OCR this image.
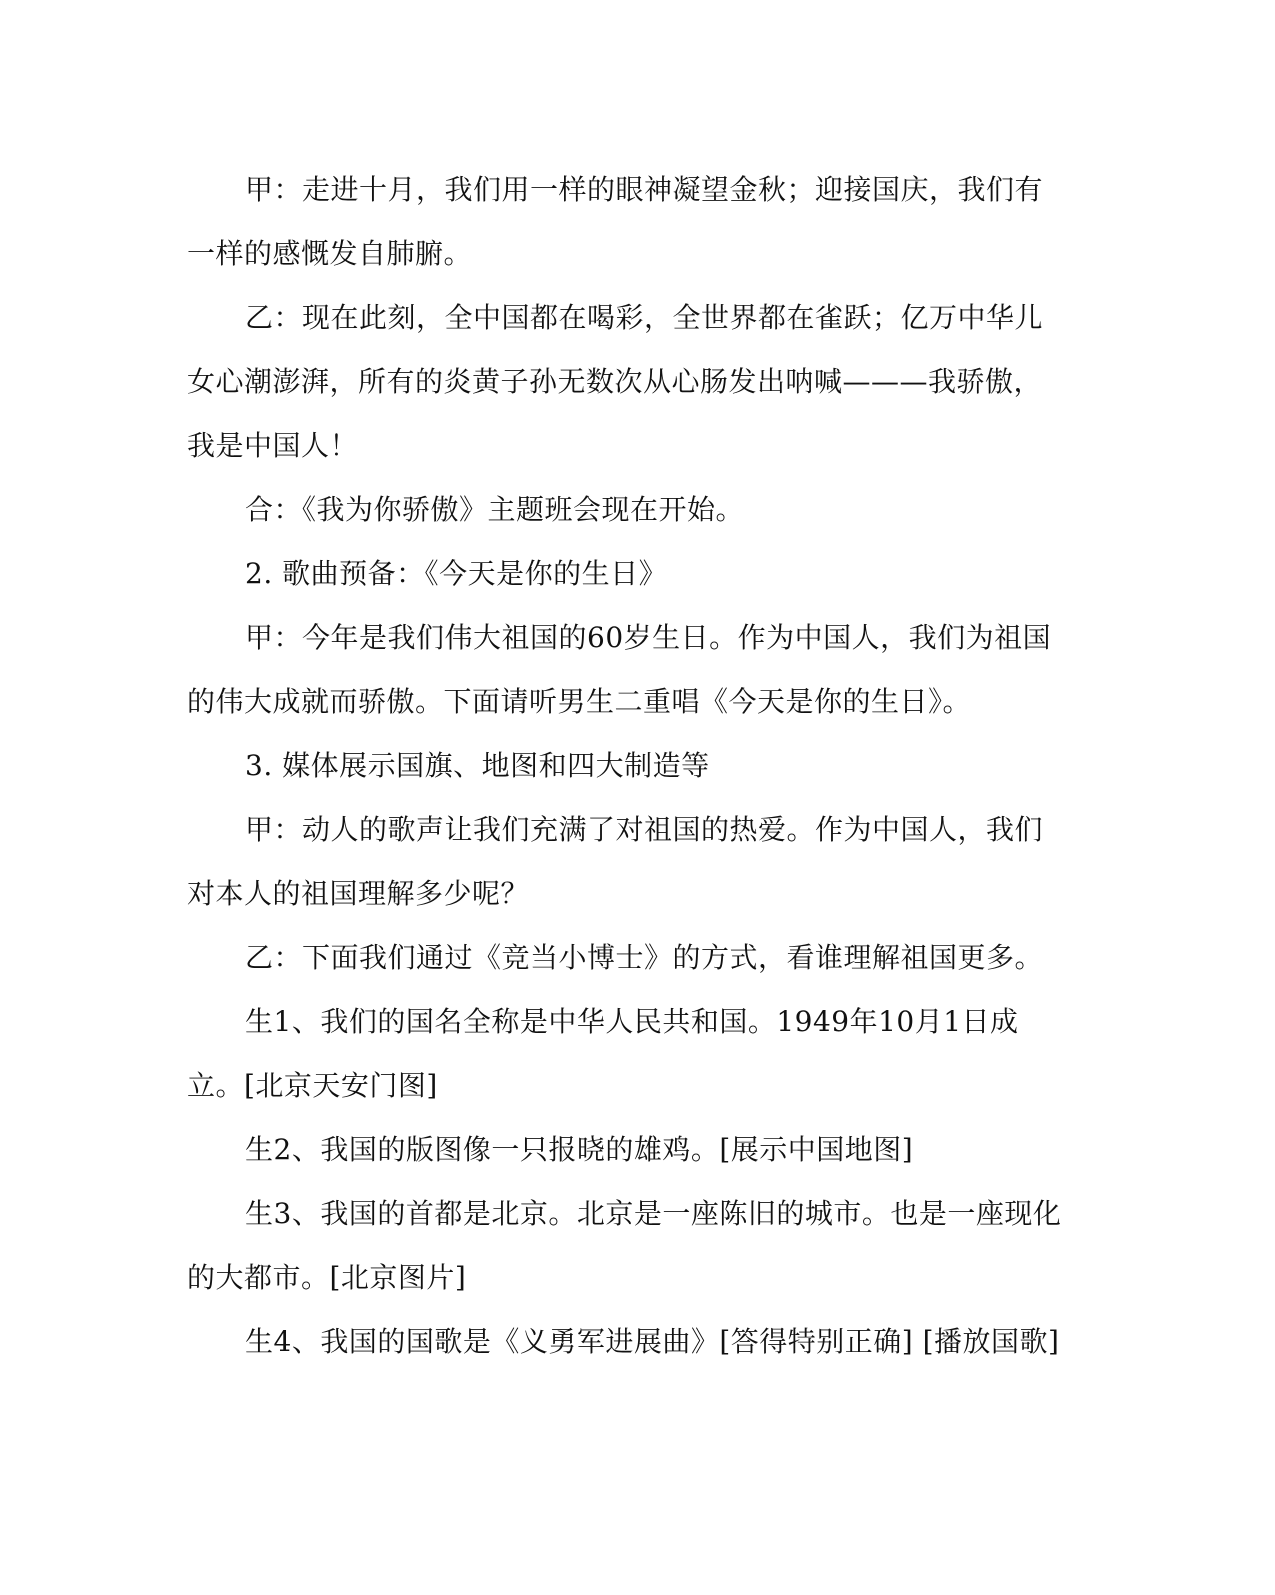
甲：走进十月，我们用一样的眼神凝望金秋；迎接国庆，我们有一样的感慨发自肺腑。

乙：现在此刻，全中国都在喝彩，全世界都在雀跃；亿万中华儿女心潮澎湃，所有的炎黄子孙无数次从心肠发出呐喊———我骄傲，我是中国人！

合：《我为你骄傲》主题班会现在开始。

2. 歌曲预备：《今天是你的生日》

甲：今年是我们伟大祖国的60岁生日。作为中国人，我们为祖国的伟大成就而骄傲。下面请听男生二重唱《今天是你的生日》。

3. 媒体展示国旗、地图和四大制造等

甲：动人的歌声让我们充满了对祖国的热爱。作为中国人，我们对本人的祖国理解多少呢？

乙：下面我们通过《竞当小博士》的方式，看谁理解祖国更多。

生1、我们的国名全称是中华人民共和国。1949年10月1日成立。[北京天安门图]

生2、我国的版图像一只报晓的雄鸡。[展示中国地图]

生3、我国的首都是北京。北京是一座陈旧的城市。也是一座现化的大都市。[北京图片]

生4、我国的国歌是《义勇军进展曲》[答得特别正确] [播放国歌]
